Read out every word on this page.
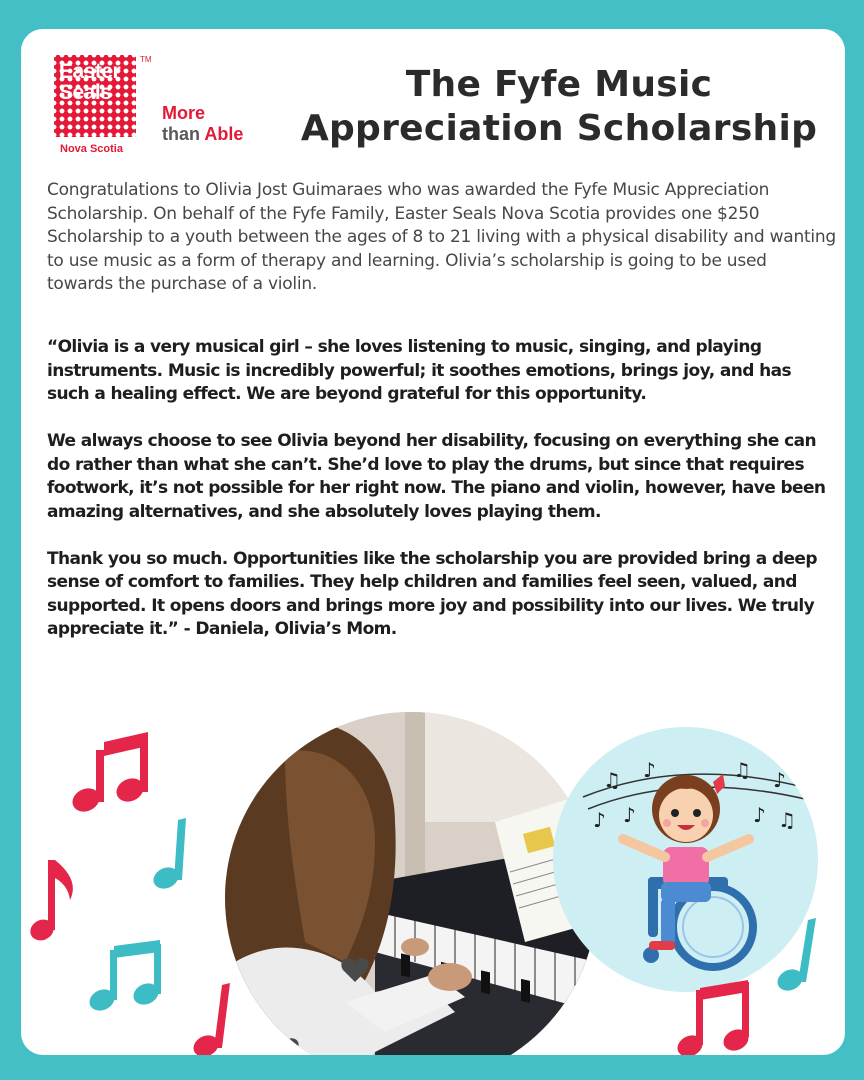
Easter
Seals
TM
Nova Scotia
More
than Able
The Fyfe Music
Appreciation Scholarship
Congratulations to Olivia Jost Guimaraes who was awarded the Fyfe Music Appreciation Scholarship. On behalf of the Fyfe Family, Easter Seals Nova Scotia provides one $250 Scholarship to a youth between the ages of 8 to 21 living with a physical disability and wanting to use music as a form of therapy and learning. Olivia’s scholarship is going to be used towards the purchase of a violin.

“Olivia is a very musical girl – she loves listening to music, singing, and playing instruments. Music is incredibly powerful; it soothes emotions, brings joy, and has such a healing effect. We are beyond grateful for this opportunity.

We always choose to see Olivia beyond her disability, focusing on everything she can do rather than what she can’t. She’d love to play the drums, but since that requires footwork, it’s not possible for her right now. The piano and violin, however, have been amazing alternatives, and she absolutely loves playing them.

Thank you so much. Opportunities like the scholarship you are provided bring a deep sense of comfort to families. They help children and families feel seen, valued, and supported. It opens doors and brings more joy and possibility into our lives. We truly appreciate it.” - Daniela, Olivia’s Mom.

♫ ♪	♫ ♪
♪ ♪	♪ ♫
